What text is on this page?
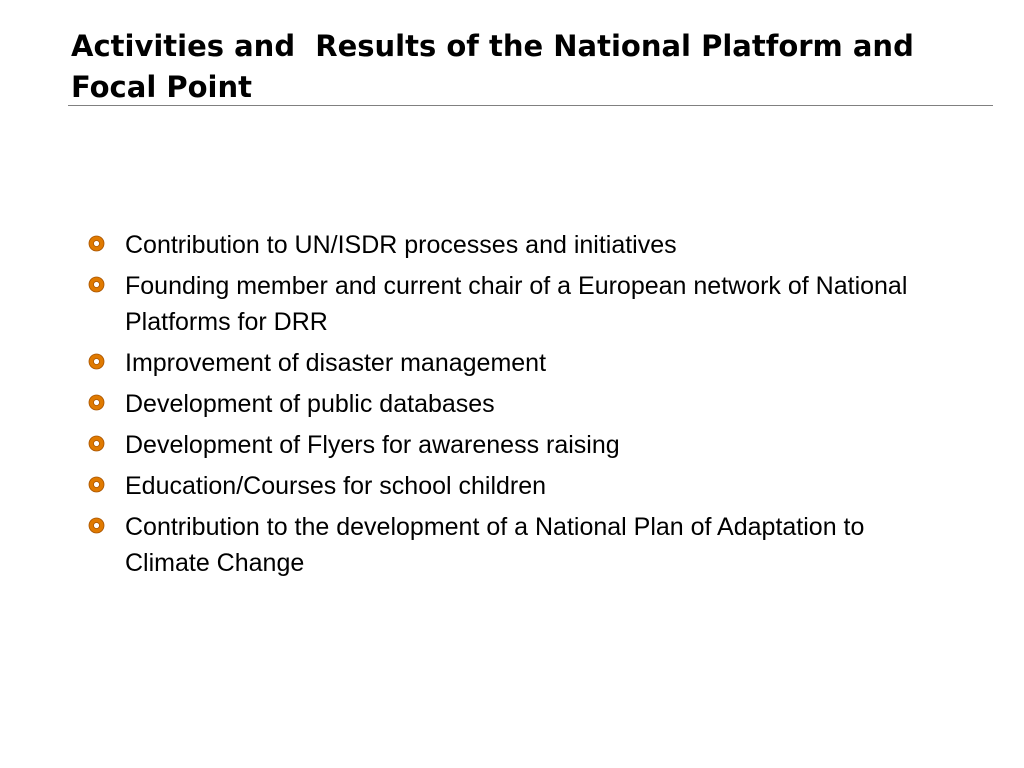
Activities and  Results of the National Platform and Focal Point
Contribution to UN/ISDR processes and initiatives
Founding member and current chair of a European network of National Platforms for DRR
Improvement of disaster management
Development of public databases
Development of Flyers for awareness raising
Education/Courses for school children
Contribution to the development of a National Plan of Adaptation to Climate Change
